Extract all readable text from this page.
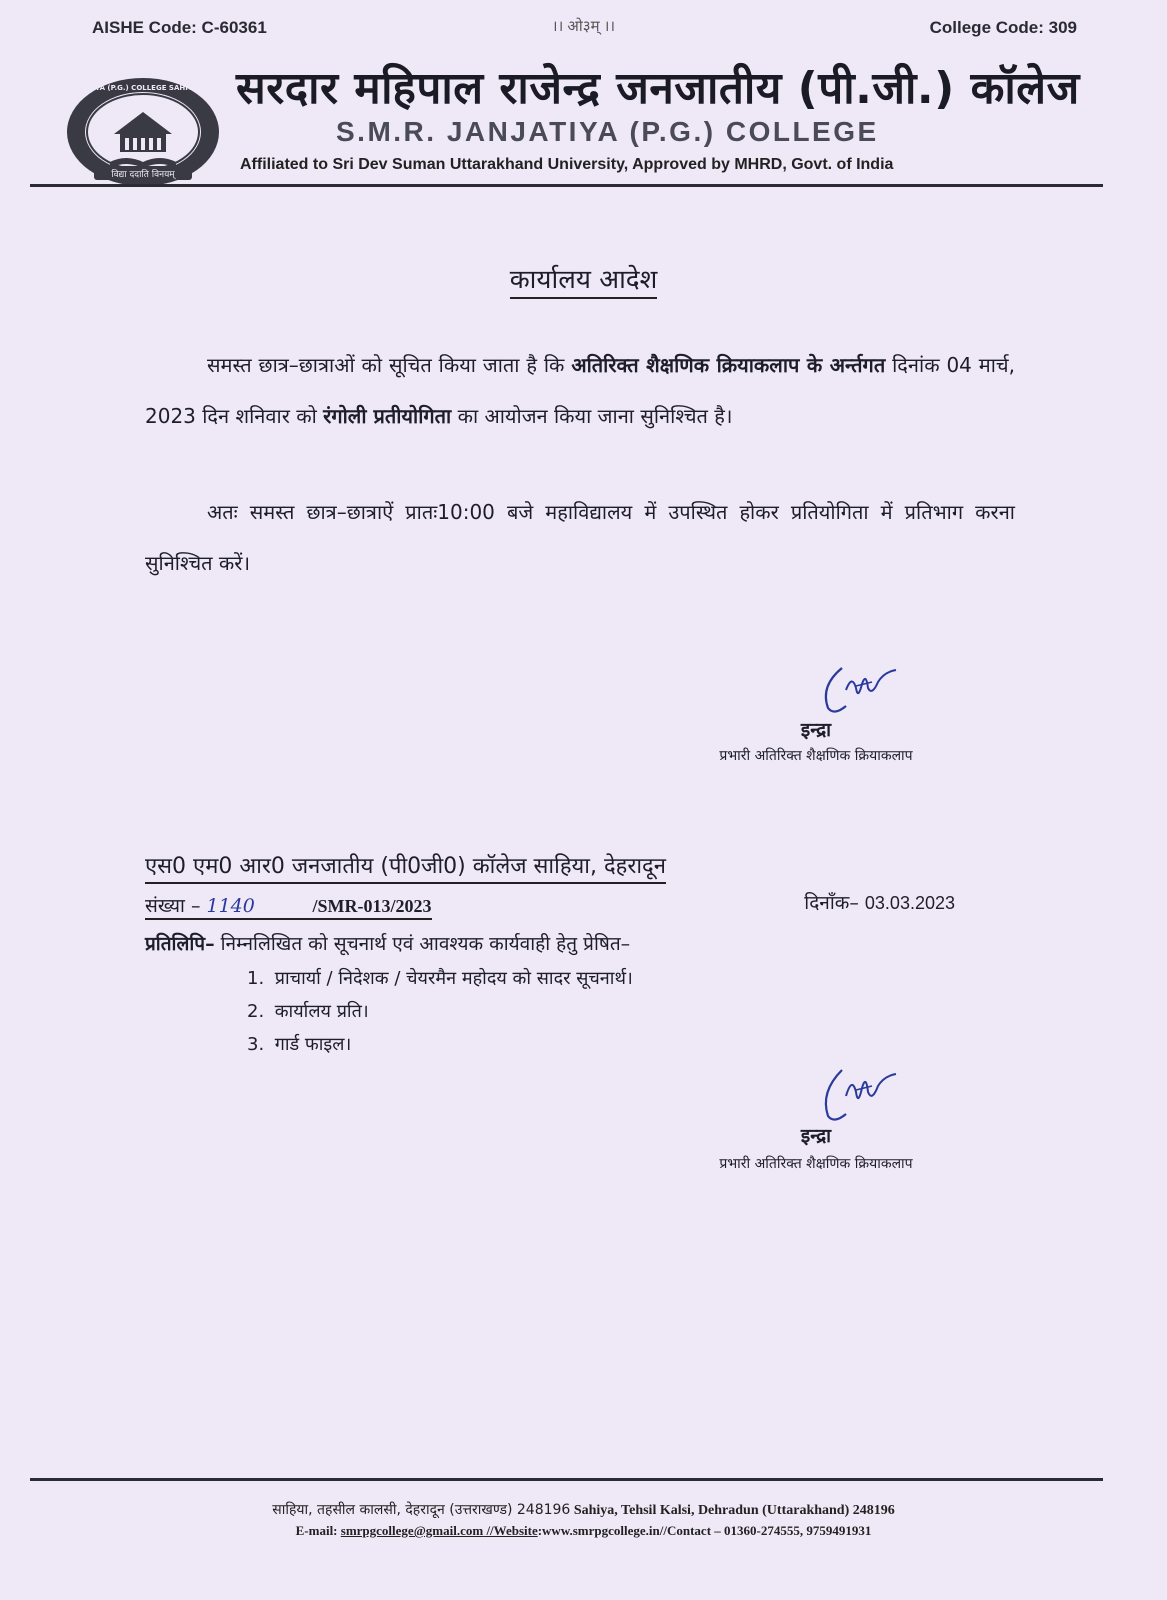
AISHE Code: C-60361	।। ओ३म् ।।	College Code: 309
विद्या ददाति विनयम्
S.M.R. JANJATIYA (P.G.) COLLEGE SAHIYA, DEHRADUN
सरदार महिपाल राजेन्द्र जनजातीय (पी.जी.) कॉलेज
S.M.R. JANJATIYA (P.G.) COLLEGE
Affiliated to Sri Dev Suman Uttarakhand University, Approved by MHRD, Govt. of India
कार्यालय आदेश
समस्त छात्र–छात्राओं को सूचित किया जाता है कि अतिरिक्त शैक्षणिक क्रियाकलाप के अर्न्तगत दिनांक 04 मार्च, 2023 दिन शनिवार को रंगोली प्रतीयोगिता का आयोजन किया जाना सुनिश्चित है।
अतः समस्त छात्र–छात्राऐं प्रातः10:00 बजे महाविद्यालय में उपस्थित होकर प्रतियोगिता में प्रतिभाग करना सुनिश्चित करें।
इन्द्रा
प्रभारी अतिरिक्त शैक्षणिक क्रियाकलाप
एस0 एम0 आर0 जनजातीय (पी0जी0) कॉलेज साहिया, देहरादून
संख्या – 1140	/SMR-013/2023	दिनाँक– 03.03.2023
प्रतिलिपि– निम्नलिखित को सूचनार्थ एवं आवश्यक कार्यवाही हेतु प्रेषित–
1. प्राचार्या / निदेशक / चेयरमैन महोदय को सादर सूचनार्थ।
2. कार्यालय प्रति।
3. गार्ड फाइल।
इन्द्रा
प्रभारी अतिरिक्त शैक्षणिक क्रियाकलाप
साहिया, तहसील कालसी, देहरादून (उत्तराखण्ड) 248196 Sahiya, Tehsil Kalsi, Dehradun (Uttarakhand) 248196
E-mail: smrpgcollege@gmail.com //Website:www.smrpgcollege.in//Contact – 01360-274555, 9759491931
